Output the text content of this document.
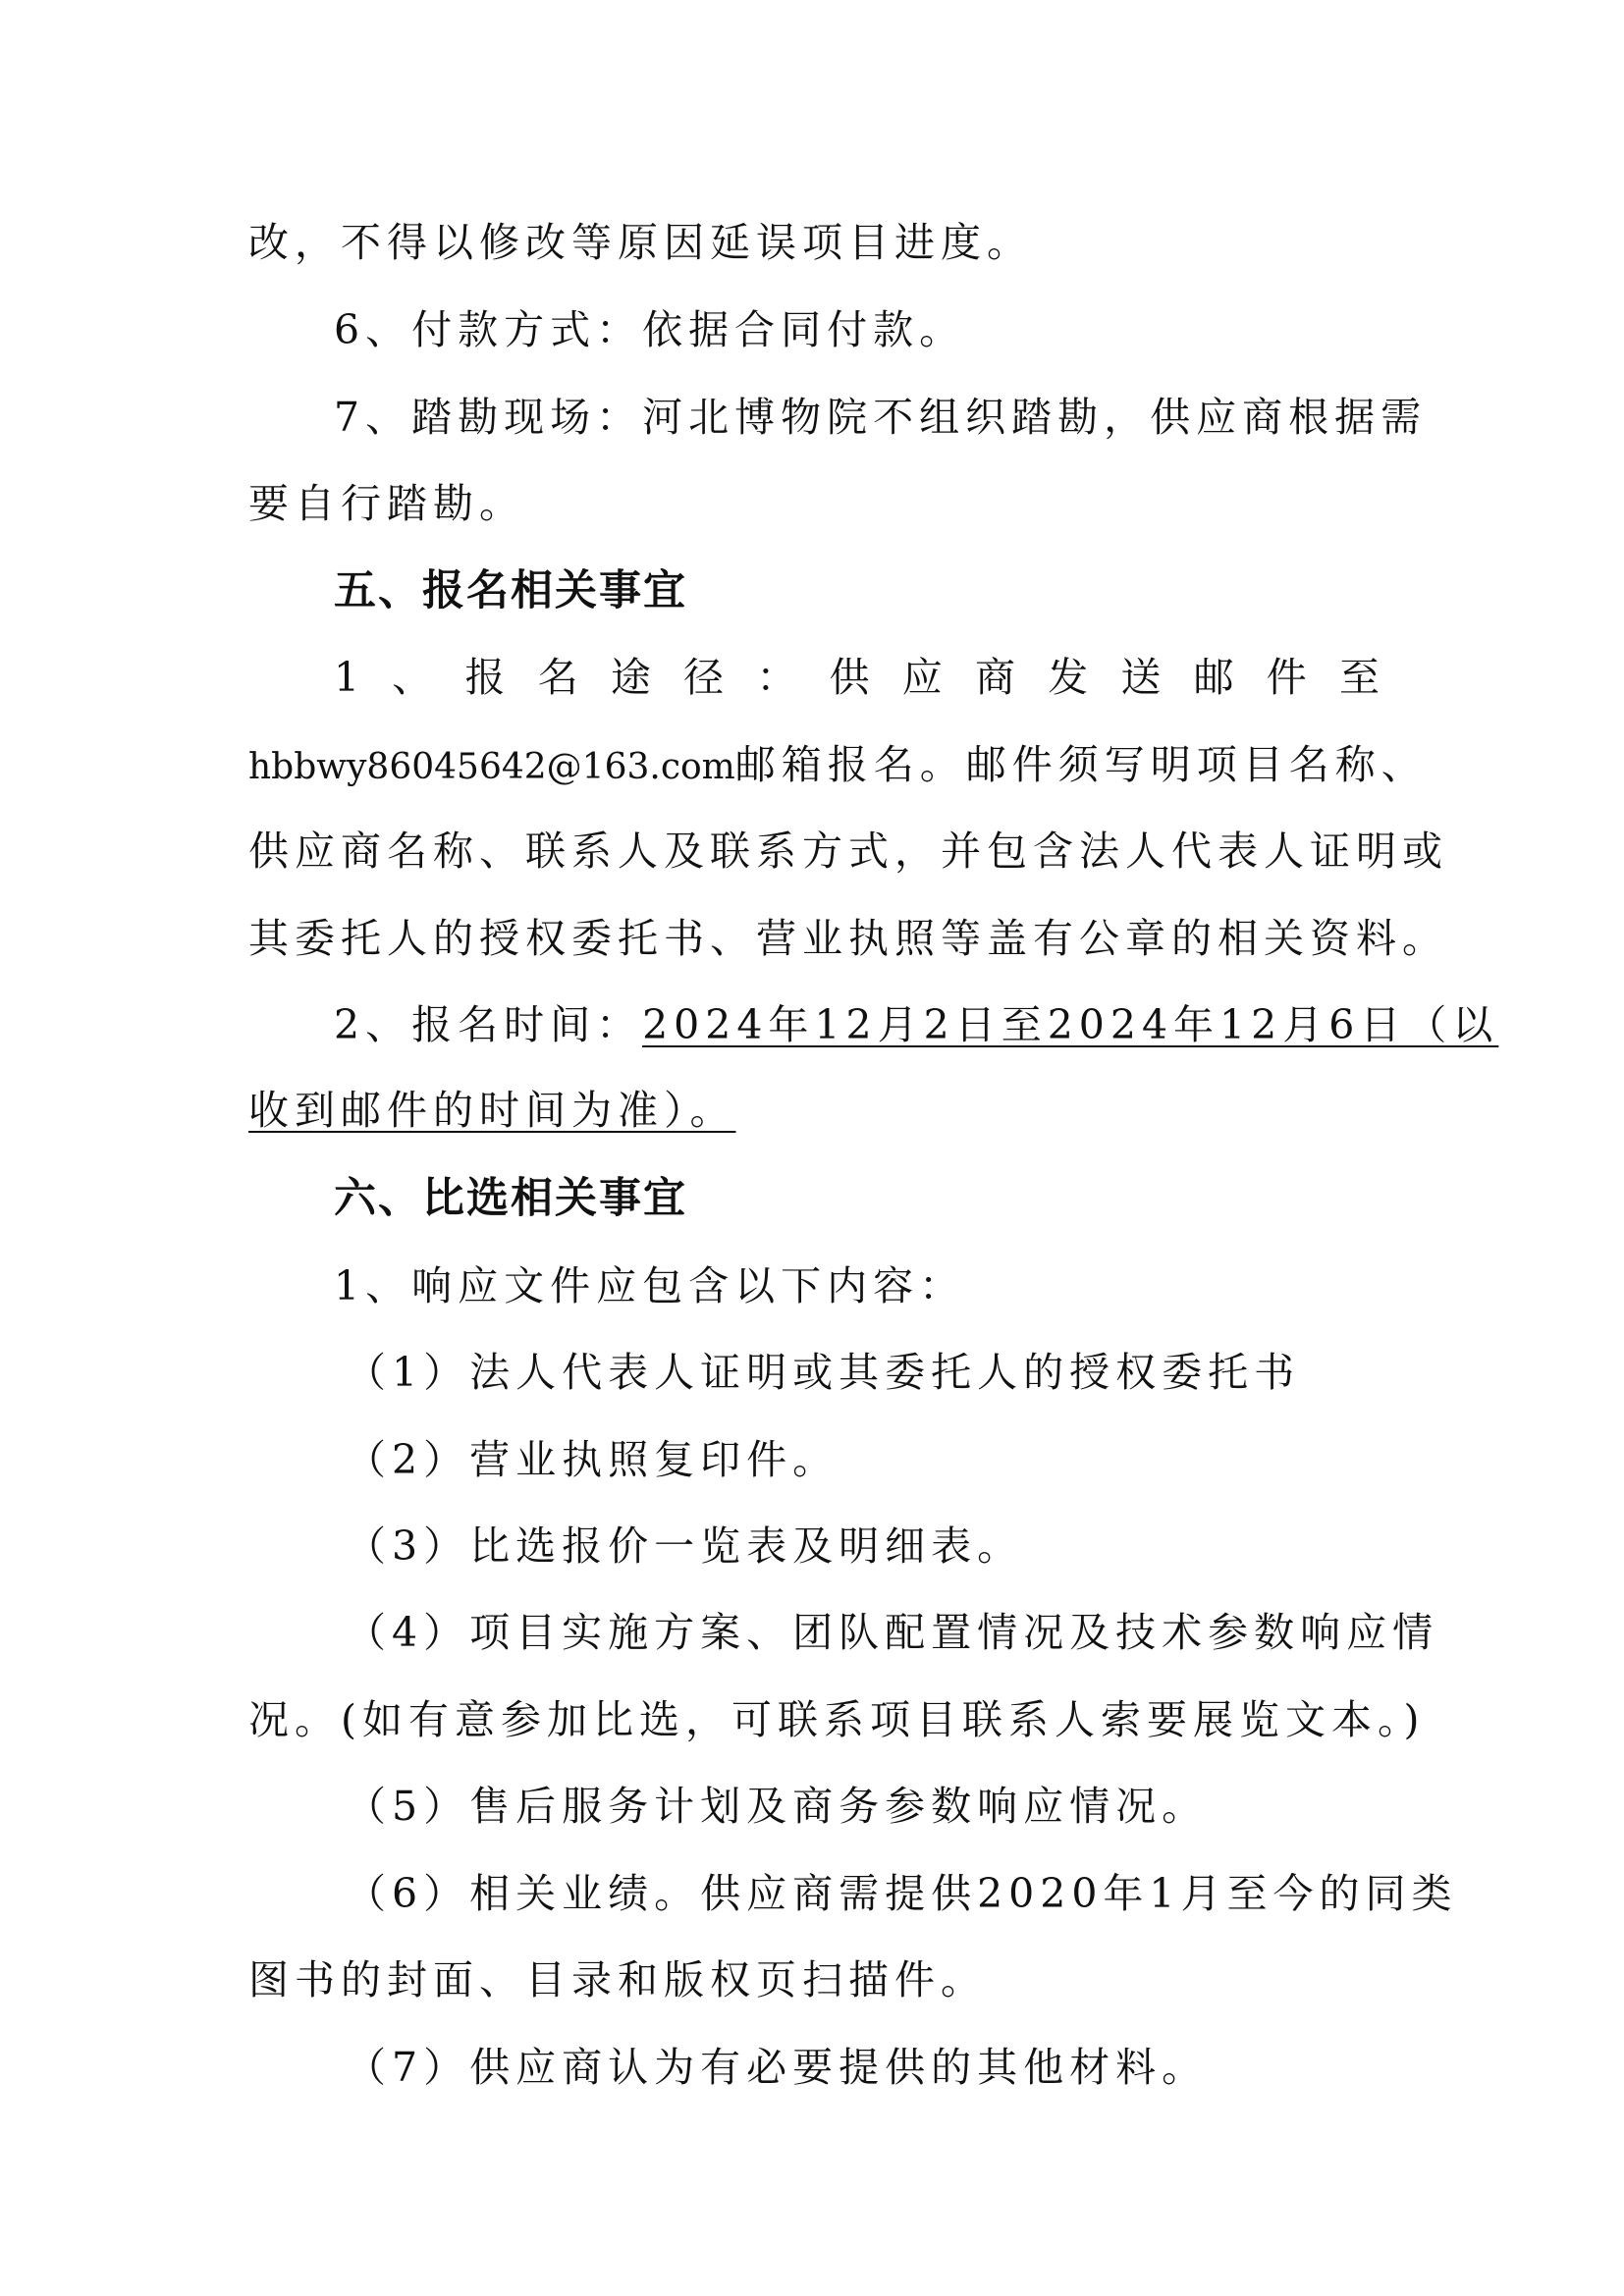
改，不得以修改等原因延误项目进度。
6、付款方式：依据合同付款。
7、踏勘现场：河北博物院不组织踏勘，供应商根据需
要自行踏勘。
五、报名相关事宜
1、报名途径：供应商发送邮件至
hbbwy86045642@163.com邮箱报名。邮件须写明项目名称、
供应商名称、联系人及联系方式，并包含法人代表人证明或
其委托人的授权委托书、营业执照等盖有公章的相关资料。
2、报名时间：2024年12月2日至2024年12月6日（以
收到邮件的时间为准）。
六、比选相关事宜
1、响应文件应包含以下内容：
（1）法人代表人证明或其委托人的授权委托书
（2）营业执照复印件。
（3）比选报价一览表及明细表。
（4）项目实施方案、团队配置情况及技术参数响应情
况。(如有意参加比选，可联系项目联系人索要展览文本。)
（5）售后服务计划及商务参数响应情况。
（6）相关业绩。供应商需提供2020年1月至今的同类
图书的封面、目录和版权页扫描件。
（7）供应商认为有必要提供的其他材料。
